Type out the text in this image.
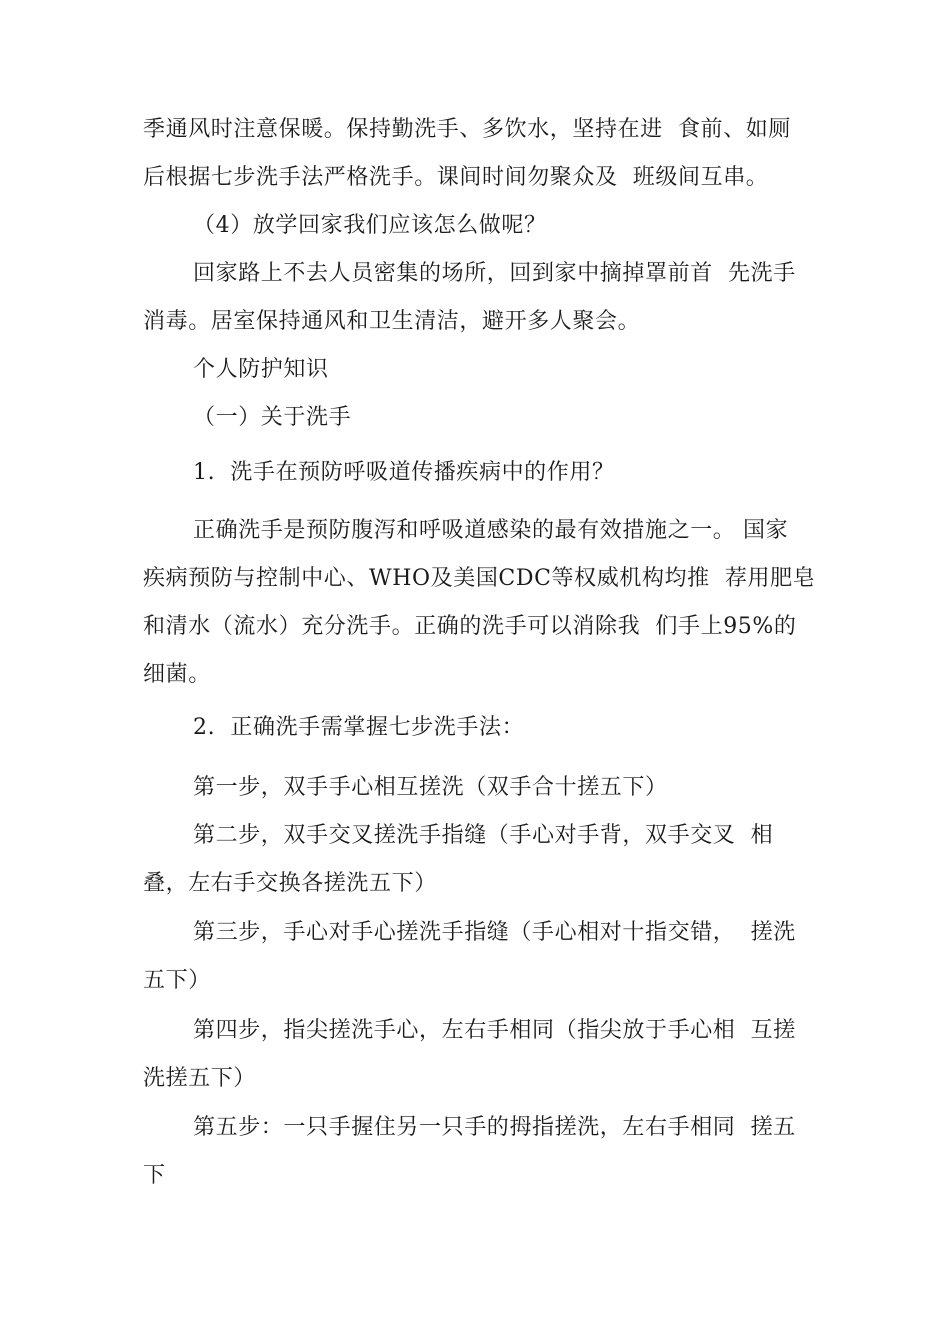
季通风时注意保暖。保持勤洗手、多饮水，坚持在进  食前、如厕
后根据七步洗手法严格洗手。课间时间勿聚众及  班级间互串。
（4）放学回家我们应该怎么做呢？
回家路上不去人员密集的场所，回到家中摘掉罩前首  先洗手
消毒。居室保持通风和卫生清洁，避开多人聚会。
个人防护知识
（一）关于洗手
1.  洗手在预防呼吸道传播疾病中的作用？
正确洗手是预防腹泻和呼吸道感染的最有效措施之一。 国家
疾病预防与控制中心、WHO及美国CDC等权威机构均推  荐用肥皂
和清水（流水）充分洗手。正确的洗手可以消除我  们手上95%的
细菌。
2.  正确洗手需掌握七步洗手法：
第一步，双手手心相互搓洗（双手合十搓五下）
第二步，双手交叉搓洗手指缝（手心对手背，双手交叉  相
叠，左右手交换各搓洗五下）
第三步，手心对手心搓洗手指缝（手心相对十指交错，  搓洗
五下）
第四步，指尖搓洗手心，左右手相同（指尖放于手心相  互搓
洗搓五下）
第五步：一只手握住另一只手的拇指搓洗，左右手相同  搓五
下
